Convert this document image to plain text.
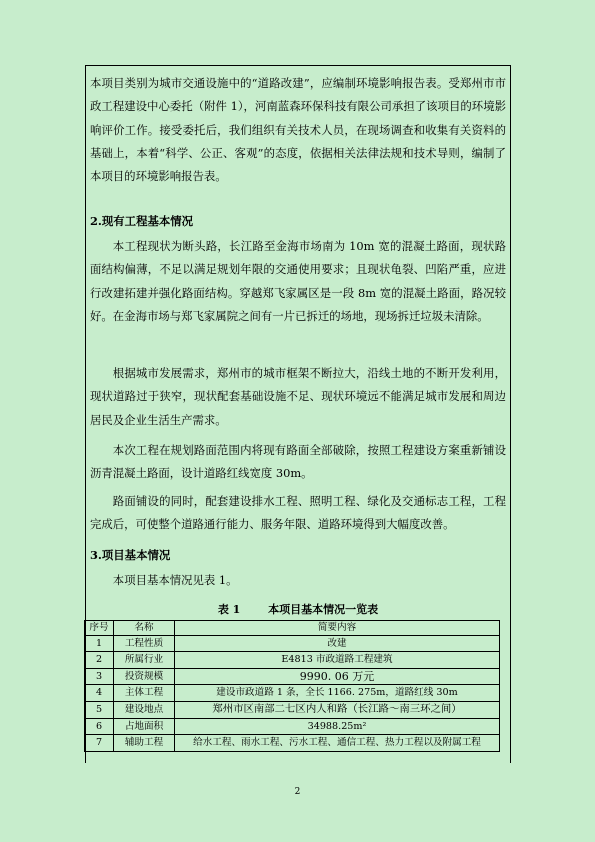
本项目类别为城市交通设施中的“道路改建”，应编制环境影响报告表。受郑州市市政工程建设中心委托（附件 1），河南蓝森环保科技有限公司承担了该项目的环境影响评价工作。接受委托后，我们组织有关技术人员，在现场调查和收集有关资料的基础上，本着“科学、公正、客观”的态度，依据相关法律法规和技术导则，编制了本项目的环境影响报告表。

2.现有工程基本情况

本工程现状为断头路，长江路至金海市场南为 10m 宽的混凝土路面，现状路面结构偏薄，不足以满足规划年限的交通使用要求；且现状龟裂、凹陷严重，应进行改建拓建并强化路面结构。穿越郑飞家属区是一段 8m 宽的混凝土路面，路况较好。在金海市场与郑飞家属院之间有一片已拆迁的场地，现场拆迁垃圾未清除。

根据城市发展需求，郑州市的城市框架不断拉大，沿线土地的不断开发利用，现状道路过于狭窄，现状配套基础设施不足、现状环境远不能满足城市发展和周边居民及企业生活生产需求。

本次工程在规划路面范围内将现有路面全部破除，按照工程建设方案重新铺设沥青混凝土路面，设计道路红线宽度 30m。

路面铺设的同时，配套建设排水工程、照明工程、绿化及交通标志工程，工程完成后，可使整个道路通行能力、服务年限、道路环境得到大幅度改善。

3.项目基本情况

本项目基本情况见表 1。

表 1	本项目基本情况一览表
序号	名称	简要内容
1	工程性质	改建
2	所属行业	E4813 市政道路工程建筑
3	投资规模	9990. 06 万元
4	主体工程	建设市政道路 1 条，全长 1166. 275m，道路红线 30m
5	建设地点	郑州市区南部二七区内人和路（长江路～南三环之间）
6	占地面积	34988.25m²
7	辅助工程	给水工程、雨水工程、污水工程、通信工程、热力工程以及附属工程
2
